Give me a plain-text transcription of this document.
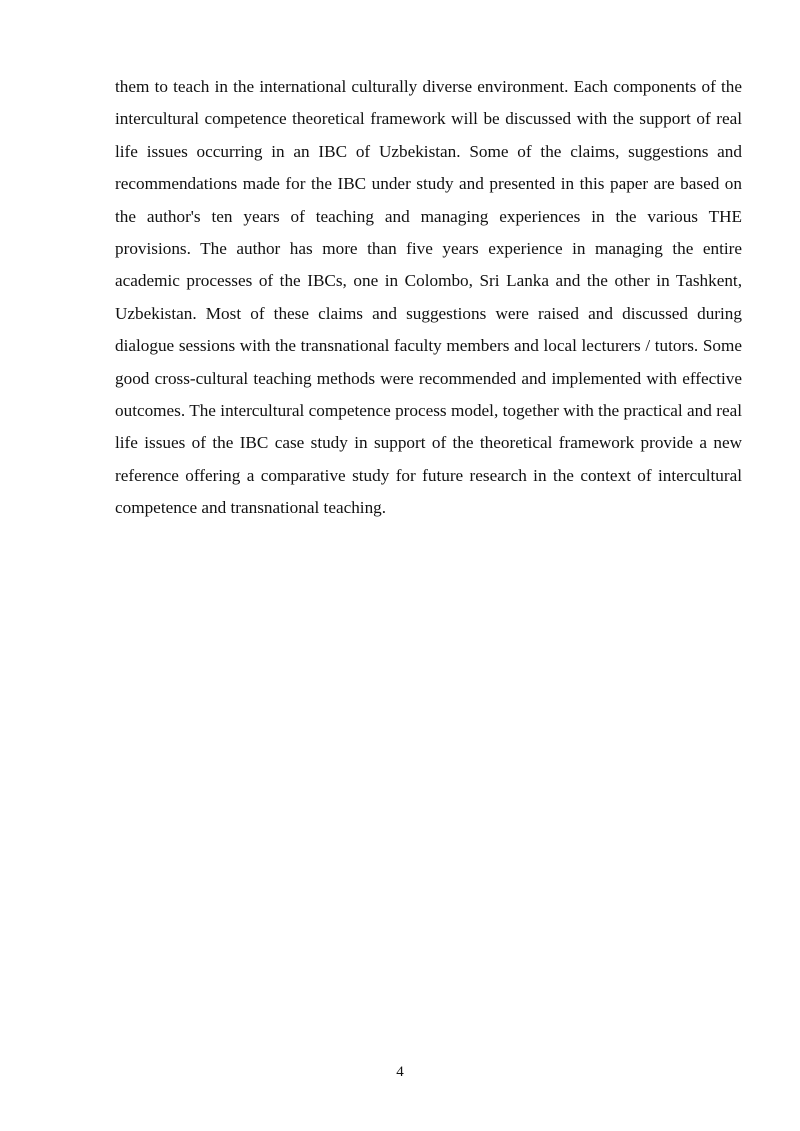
them to teach in the international culturally diverse environment. Each components of the intercultural competence theoretical framework will be discussed with the support of real life issues occurring in an IBC of Uzbekistan. Some of the claims, suggestions and recommendations made for the IBC under study and presented in this paper are based on the author's ten years of teaching and managing experiences in the various THE provisions. The author has more than five years experience in managing the entire academic processes of the IBCs, one in Colombo, Sri Lanka and the other in Tashkent, Uzbekistan. Most of these claims and suggestions were raised and discussed during dialogue sessions with the transnational faculty members and local lecturers / tutors. Some good cross-cultural teaching methods were recommended and implemented with effective outcomes. The intercultural competence process model, together with the practical and real life issues of the IBC case study in support of the theoretical framework provide a new reference offering a comparative study for future research in the context of intercultural competence and transnational teaching.

4
